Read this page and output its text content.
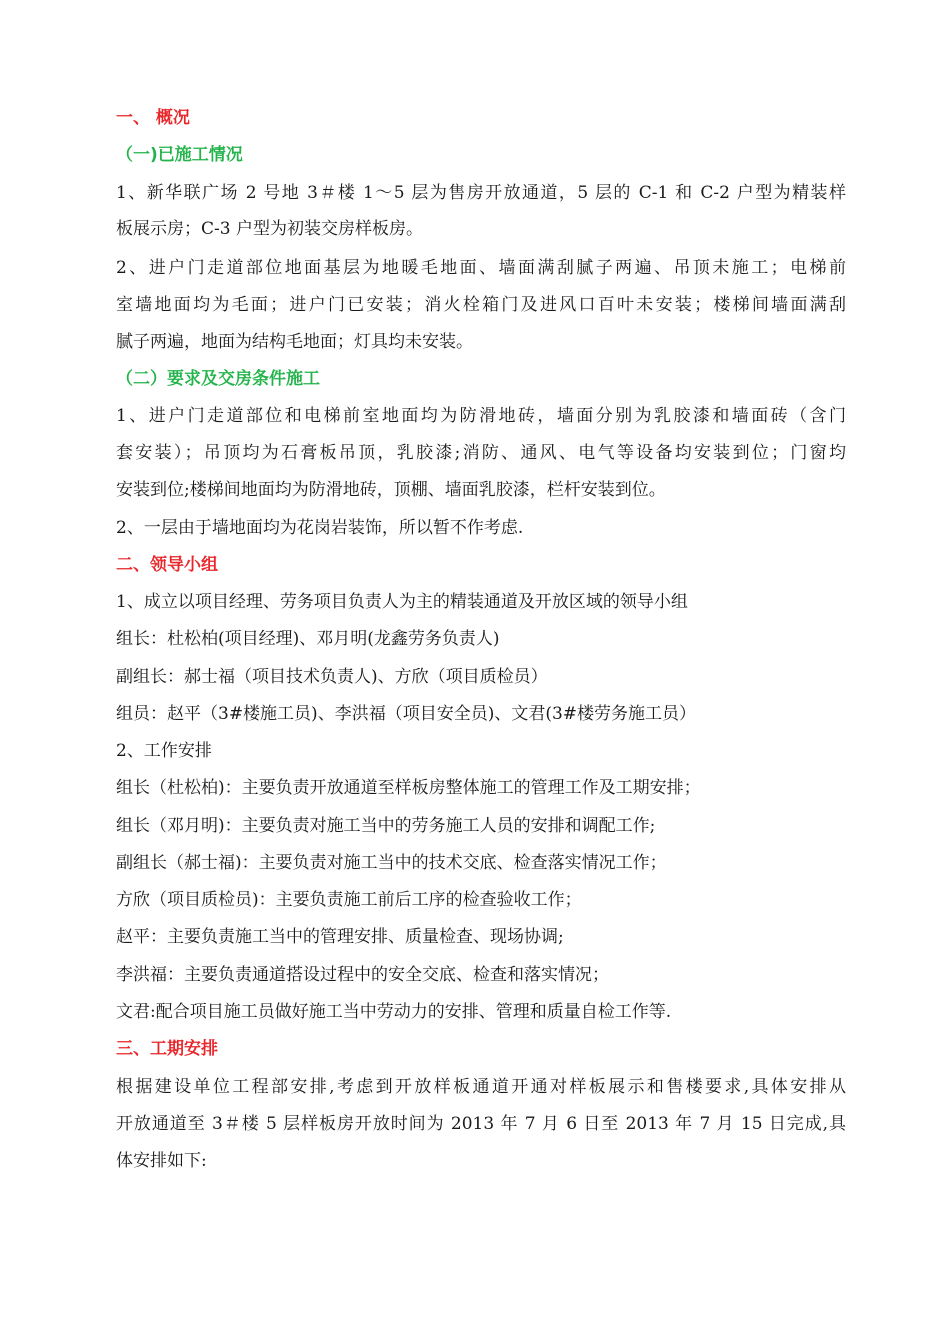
一、 概况
（一)已施工情况
1、新华联广场 2 号地 3＃楼 1～5 层为售房开放通道，5 层的 C-1 和 C-2 户型为精装样
板展示房；C-3 户型为初装交房样板房。
2、进户门走道部位地面基层为地暖毛地面、墙面满刮腻子两遍、吊顶未施工；电梯前
室墙地面均为毛面；进户门已安装；消火栓箱门及进风口百叶未安装；楼梯间墙面满刮
腻子两遍，地面为结构毛地面；灯具均未安装。
（二）要求及交房条件施工
1、进户门走道部位和电梯前室地面均为防滑地砖，墙面分别为乳胶漆和墙面砖（含门
套安装）；吊顶均为石膏板吊顶，乳胶漆;消防、通风、电气等设备均安装到位；门窗均
安装到位;楼梯间地面均为防滑地砖，顶棚、墙面乳胶漆，栏杆安装到位。
2、一层由于墙地面均为花岗岩装饰，所以暂不作考虑.
二、领导小组
1、成立以项目经理、劳务项目负责人为主的精装通道及开放区域的领导小组
组长：杜松柏(项目经理)、邓月明(龙鑫劳务负责人)
副组长：郝士福（项目技术负责人)、方欣（项目质检员）
组员：赵平（3#楼施工员)、李洪福（项目安全员)、文君(3#楼劳务施工员）
2、工作安排
组长（杜松柏)：主要负责开放通道至样板房整体施工的管理工作及工期安排；
组长（邓月明)：主要负责对施工当中的劳务施工人员的安排和调配工作;
副组长（郝士福)：主要负责对施工当中的技术交底、检查落实情况工作；
方欣（项目质检员)：主要负责施工前后工序的检查验收工作；
赵平：主要负责施工当中的管理安排、质量检查、现场协调;
李洪福：主要负责通道搭设过程中的安全交底、检查和落实情况；
文君:配合项目施工员做好施工当中劳动力的安排、管理和质量自检工作等.
三、工期安排
根据建设单位工程部安排,考虑到开放样板通道开通对样板展示和售楼要求,具体安排从
开放通道至 3＃楼 5 层样板房开放时间为 2013 年 7 月 6 日至 2013 年 7 月 15 日完成,具
体安排如下:
